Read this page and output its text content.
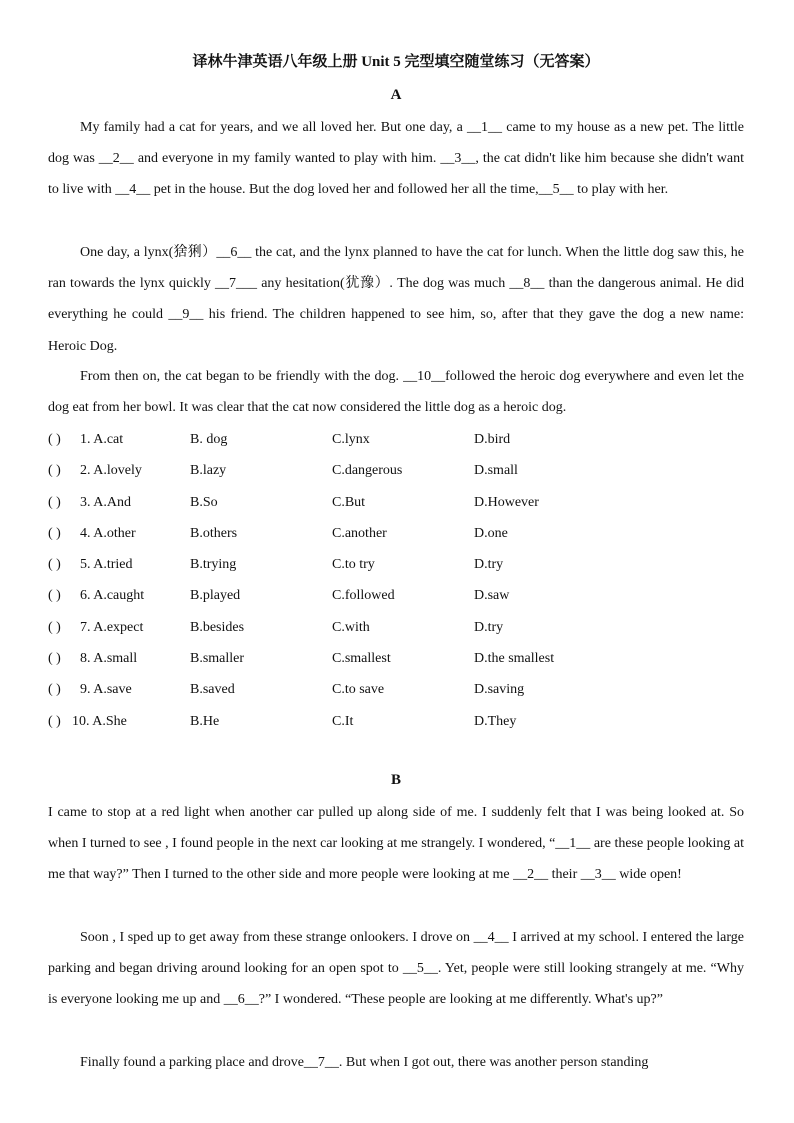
译林牛津英语八年级上册 Unit 5 完型填空随堂练习（无答案）
A

My family had a cat for years, and we all loved her. But one day, a __1__ came to my house as a new pet. The little dog was __2__ and everyone in my family wanted to play with him. __3__, the cat didn't like him because she didn't want to live with __4__ pet in the house. But the dog loved her and followed her all the time,__5__ to play with her.

One day, a lynx(猞猁）__6__ the cat, and the lynx planned to have the cat for lunch. When the little dog saw this, he ran towards the lynx quickly __7___ any hesitation(犹豫）. The dog was much __8__ than the dangerous animal. He did everything he could __9__ his friend. The children happened to see him, so, after that they gave the dog a new name: Heroic Dog.

From then on, the cat began to be friendly with the dog. __10__followed the heroic dog everywhere and even let the dog eat from her bowl. It was clear that the cat now considered the little dog as a heroic dog.

( ) 1. A.cat	B. dog	C.lynx	D.bird
( ) 2. A.lovely	B.lazy	C.dangerous	D.small
( ) 3. A.And	B.So	C.But	D.However
( ) 4. A.other	B.others	C.another	D.one
( ) 5. A.tried	B.trying	C.to try	D.try
( ) 6. A.caught	B.played	C.followed	D.saw
( ) 7. A.expect	B.besides	C.with	D.try
( ) 8. A.small	B.smaller	C.smallest	D.the smallest
( ) 9. A.save	B.saved	C.to save	D.saving
( ) 10. A.She	B.He	C.It	D.They
B

I came to stop at a red light when another car pulled up along side of me. I suddenly felt that I was being looked at. So when I turned to see , I found people in the next car looking at me strangely. I wondered, “__1__ are these people looking at me that way?” Then I turned to the other side and more people were looking at me __2__ their __3__ wide open!

Soon , I sped up to get away from these strange onlookers. I drove on __4__ I arrived at my school. I entered the large parking and began driving around looking for an open spot to __5__. Yet, people were still looking strangely at me. “Why is everyone looking me up and __6__?” I wondered. “These people are looking at me differently. What's up?”

Finally found a parking place and drove__7__. But when I got out, there was another person standing
